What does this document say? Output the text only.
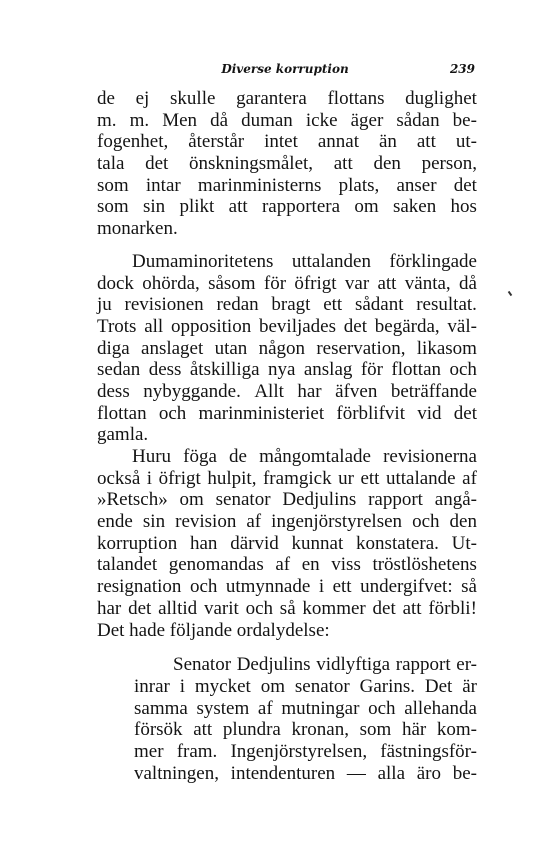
Diverse korruption	239
de ej skulle garantera flottans duglighet
m. m. Men då duman icke äger sådan be-
fogenhet, återstår intet annat än att ut-
tala det önskningsmålet, att den person,
som intar marinministerns plats, anser det
som sin plikt att rapportera om saken hos
monarken.
Dumaminoritetens uttalanden förklingade
dock ohörda, såsom för öfrigt var att vänta, då
ju revisionen redan bragt ett sådant resultat.
Trots all opposition beviljades det begärda, väl-
diga anslaget utan någon reservation, likasom
sedan dess åtskilliga nya anslag för flottan och
dess nybyggande. Allt har äfven beträffande
flottan och marinministeriet förblifvit vid det
gamla.
Huru föga de mångomtalade revisionerna
också i öfrigt hulpit, framgick ur ett uttalande af
»Retsch» om senator Dedjulins rapport angå-
ende sin revision af ingenjörstyrelsen och den
korruption han därvid kunnat konstatera. Ut-
talandet genomandas af en viss tröstlöshetens
resignation och utmynnade i ett undergifvet: så
har det alltid varit och så kommer det att förbli!
Det hade följande ordalydelse:
Senator Dedjulins vidlyftiga rapport er-
inrar i mycket om senator Garins. Det är
samma system af mutningar och allehanda
försök att plundra kronan, som här kom-
mer fram. Ingenjörstyrelsen, fästningsför-
valtningen, intendenturen — alla äro be-
